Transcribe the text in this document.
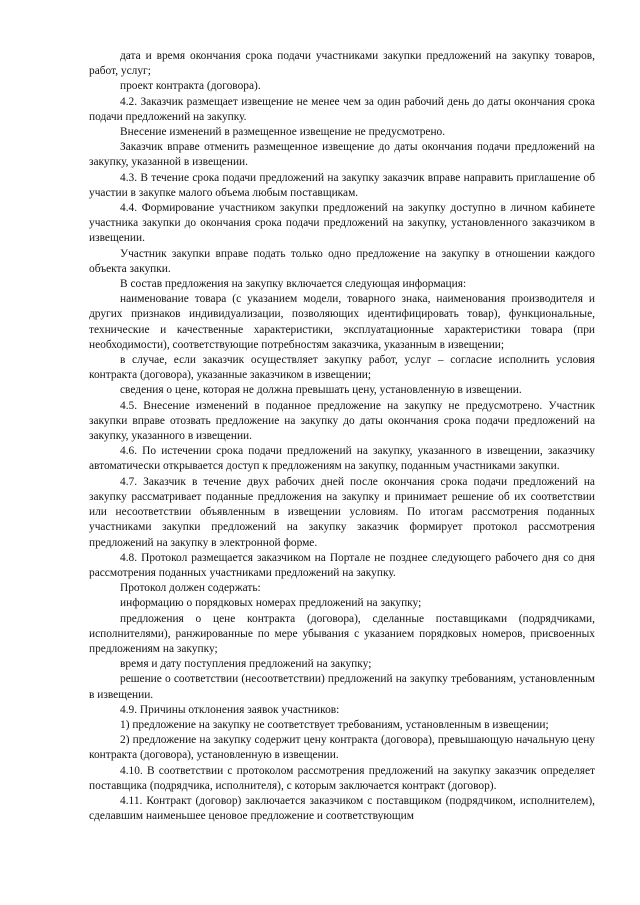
дата и время окончания срока подачи участниками закупки предложений на закупку товаров, работ, услуг;

проект контракта (договора).

4.2. Заказчик размещает извещение не менее чем за один рабочий день до даты окончания срока подачи предложений на закупку.

Внесение изменений в размещенное извещение не предусмотрено.

Заказчик вправе отменить размещенное извещение до даты окончания подачи предложений на закупку, указанной в извещении.

4.3. В течение срока подачи предложений на закупку заказчик вправе направить приглашение об участии в закупке малого объема любым поставщикам.

4.4. Формирование участником закупки предложений на закупку доступно в личном кабинете участника закупки до окончания срока подачи предложений на закупку, установленного заказчиком в извещении.

Участник закупки вправе подать только одно предложение на закупку в отношении каждого объекта закупки.

В состав предложения на закупку включается следующая информация:

наименование товара (с указанием модели, товарного знака, наименования производителя и других признаков индивидуализации, позволяющих идентифицировать товар), функциональные, технические и качественные характеристики, эксплуатационные характеристики товара (при необходимости), соответствующие потребностям заказчика, указанным в извещении;

в случае, если заказчик осуществляет закупку работ, услуг – согласие исполнить условия контракта (договора), указанные заказчиком в извещении;

сведения о цене, которая не должна превышать цену, установленную в извещении.

4.5. Внесение изменений в поданное предложение на закупку не предусмотрено. Участник закупки вправе отозвать предложение на закупку до даты окончания срока подачи предложений на закупку, указанного в извещении.

4.6. По истечении срока подачи предложений на закупку, указанного в извещении, заказчику автоматически открывается доступ к предложениям на закупку, поданным участниками закупки.

4.7. Заказчик в течение двух рабочих дней после окончания срока подачи предложений на закупку рассматривает поданные предложения на закупку и принимает решение об их соответствии или несоответствии объявленным в извещении условиям. По итогам рассмотрения поданных участниками закупки предложений на закупку заказчик формирует протокол рассмотрения предложений на закупку в электронной форме.

4.8. Протокол размещается заказчиком на Портале не позднее следующего рабочего дня со дня рассмотрения поданных участниками предложений на закупку.

Протокол должен содержать:

информацию о порядковых номерах предложений на закупку;

предложения о цене контракта (договора), сделанные поставщиками (подрядчиками, исполнителями), ранжированные по мере убывания с указанием порядковых номеров, присвоенных предложениям на закупку;

время и дату поступления предложений на закупку;

решение о соответствии (несоответствии) предложений на закупку требованиям, установленным в извещении.

4.9. Причины отклонения заявок участников:

1) предложение на закупку не соответствует требованиям, установленным в извещении;

2) предложение на закупку содержит цену контракта (договора), превышающую начальную цену контракта (договора), установленную в извещении.

4.10. В соответствии с протоколом рассмотрения предложений на закупку заказчик определяет поставщика (подрядчика, исполнителя), с которым заключается контракт (договор).

4.11. Контракт (договор) заключается заказчиком с поставщиком (подрядчиком, исполнителем), сделавшим наименьшее ценовое предложение и соответствующим
